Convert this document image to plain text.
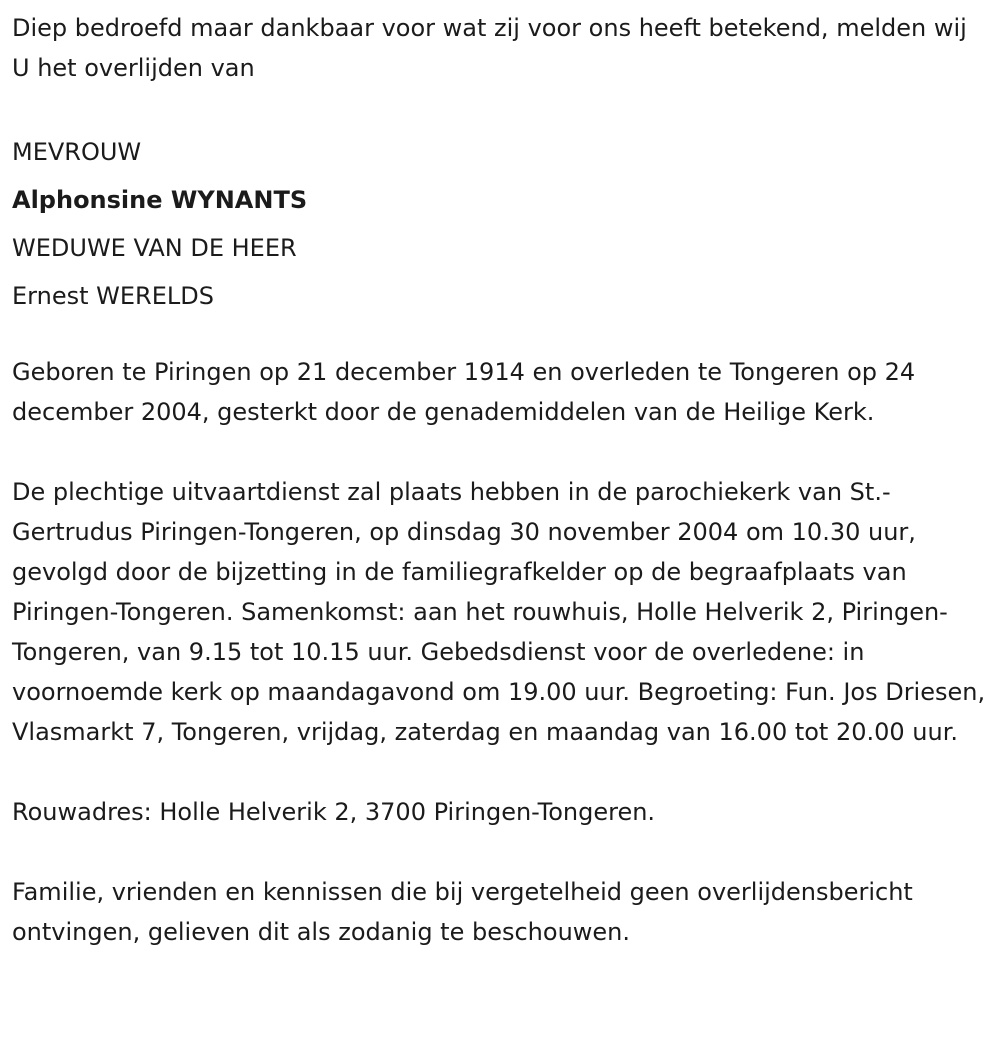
Diep bedroefd maar dankbaar voor wat zij voor ons heeft betekend, melden wij U het overlijden van

MEVROUW

Alphonsine WYNANTS

WEDUWE VAN DE HEER

Ernest WERELDS

Geboren te Piringen op 21 december 1914 en overleden te Tongeren op 24 december 2004, gesterkt door de genademiddelen van de Heilige Kerk.

De plechtige uitvaartdienst zal plaats hebben in de parochiekerk van St.-Gertrudus Piringen-Tongeren, op dinsdag 30 november 2004 om 10.30 uur, gevolgd door de bijzetting in de familiegrafkelder op de begraafplaats van Piringen-Tongeren. Samenkomst: aan het rouwhuis, Holle Helverik 2, Piringen-Tongeren, van 9.15 tot 10.15 uur. Gebedsdienst voor de overledene: in voornoemde kerk op maandagavond om 19.00 uur. Begroeting: Fun. Jos Driesen, Vlasmarkt 7, Tongeren, vrijdag, zaterdag en maandag van 16.00 tot 20.00 uur.

Rouwadres: Holle Helverik 2, 3700 Piringen-Tongeren.

Familie, vrienden en kennissen die bij vergetelheid geen overlijdensbericht ontvingen, gelieven dit als zodanig te beschouwen.
